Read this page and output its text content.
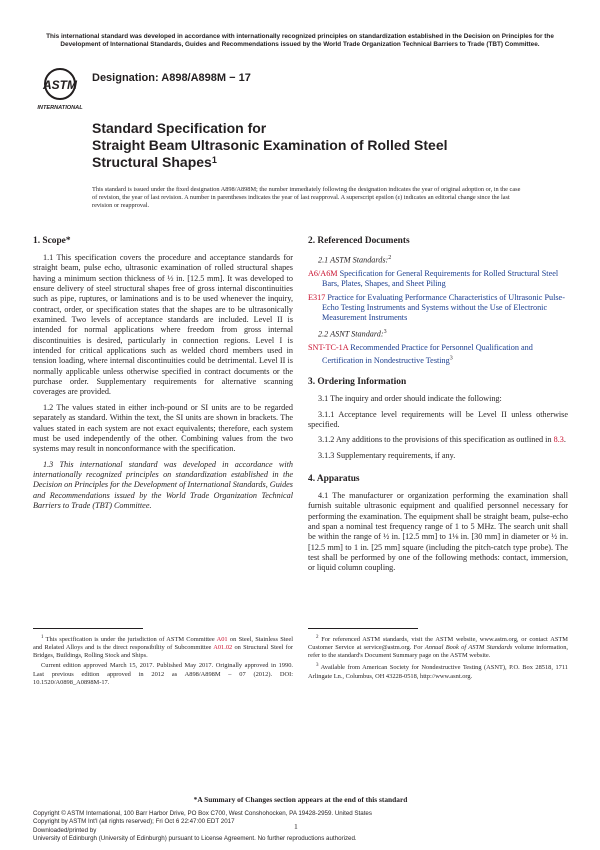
This international standard was developed in accordance with internationally recognized principles on standardization established in the Decision on Principles for the Development of International Standards, Guides and Recommendations issued by the World Trade Organization Technical Barriers to Trade (TBT) Committee.
ASTM
INTERNATIONAL
Designation: A898/A898M − 17
Standard Specification for
Straight Beam Ultrasonic Examination of Rolled Steel
Structural Shapes$^1$
This standard is issued under the fixed designation A898/A898M; the number immediately following the designation indicates the year of original adoption or, in the case of revision, the year of last revision. A number in parentheses indicates the year of last reapproval. A superscript epsilon (ε) indicates an editorial change since the last revision or reapproval.
1. Scope*

1.1 This specification covers the procedure and acceptance standards for straight beam, pulse echo, ultrasonic examination of rolled structural shapes having a minimum section thickness of ½ in. [12.5 mm]. It was developed to ensure delivery of steel structural shapes free of gross internal discontinuities such as pipe, ruptures, or laminations and is to be used whenever the inquiry, contract, order, or specification states that the shapes are to be ultrasonically examined. Two levels of acceptance standards are included. Level II is intended for normal applications where freedom from gross internal discontinuities is desired, particularly in connection regions. Level I is intended for critical applications such as welded chord members used in tension loading, where internal discontinuities could be detrimental. Level II is normally applicable unless otherwise specified in contract documents or the purchase order. Supplementary requirements for alternative scanning coverages are provided.

1.2 The values stated in either inch-pound or SI units are to be regarded separately as standard. Within the text, the SI units are shown in brackets. The values stated in each system are not exact equivalents; therefore, each system must be used independently of the other. Combining values from the two systems may result in nonconformance with the specification.

1.3 This international standard was developed in accordance with internationally recognized principles on standardization established in the Decision on Principles for the Development of International Standards, Guides and Recommendations issued by the World Trade Organization Technical Barriers to Trade (TBT) Committee.

2. Referenced Documents
2.1 ASTM Standards:$^2$
A6/A6M Specification for General Requirements for Rolled Structural Steel Bars, Plates, Shapes, and Sheet Piling
E317 Practice for Evaluating Performance Characteristics of Ultrasonic Pulse-Echo Testing Instruments and Systems without the Use of Electronic Measurement Instruments
2.2 ASNT Standard:$^3$
SNT-TC-1A Recommended Practice for Personnel Qualification and Certification in Nondestructive Testing$^3$
3. Ordering Information

3.1 The inquiry and order should indicate the following:

3.1.1 Acceptance level requirements will be Level II unless otherwise specified.

3.1.2 Any additions to the provisions of this specification as outlined in 8.3.

3.1.3 Supplementary requirements, if any.

4. Apparatus

4.1 The manufacturer or organization performing the examination shall furnish suitable ultrasonic equipment and qualified personnel necessary for performing the examination. The equipment shall be straight beam, pulse-echo and span a nominal test frequency range of 1 to 5 MHz. The search unit shall be within the range of ½ in. [12.5 mm] to 1⅛ in. [30 mm] in diameter or ½ in. [12.5 mm] to 1 in. [25 mm] square (including the pitch-catch type probe). The test shall be performed by one of the following methods: contact, immersion, or liquid column coupling.

$^1$ This specification is under the jurisdiction of ASTM Committee A01 on Steel, Stainless Steel and Related Alloys and is the direct responsibility of Subcommittee A01.02 on Structural Steel for Bridges, Buildings, Rolling Stock and Ships.

Current edition approved March 15, 2017. Published May 2017. Originally approved in 1990. Last previous edition approved in 2012 as A898/A898M – 07 (2012). DOI: 10.1520/A0898_A0898M-17.

$^2$ For referenced ASTM standards, visit the ASTM website, www.astm.org, or contact ASTM Customer Service at service@astm.org. For Annual Book of ASTM Standards volume information, refer to the standard's Document Summary page on the ASTM website.

$^3$ Available from American Society for Nondestructive Testing (ASNT), P.O. Box 28518, 1711 Arlingate Ln., Columbus, OH 43228-0518, http://www.asnt.org.

*A Summary of Changes section appears at the end of this standard
Copyright © ASTM International, 100 Barr Harbor Drive, PO Box C700, West Conshohocken, PA 19428-2959. United States
Copyright by ASTM Int'l (all rights reserved); Fri Oct 6 22:47:00 EDT 2017
Downloaded/printed by
University of Edinburgh (University of Edinburgh) pursuant to License Agreement. No further reproductions authorized.
1
